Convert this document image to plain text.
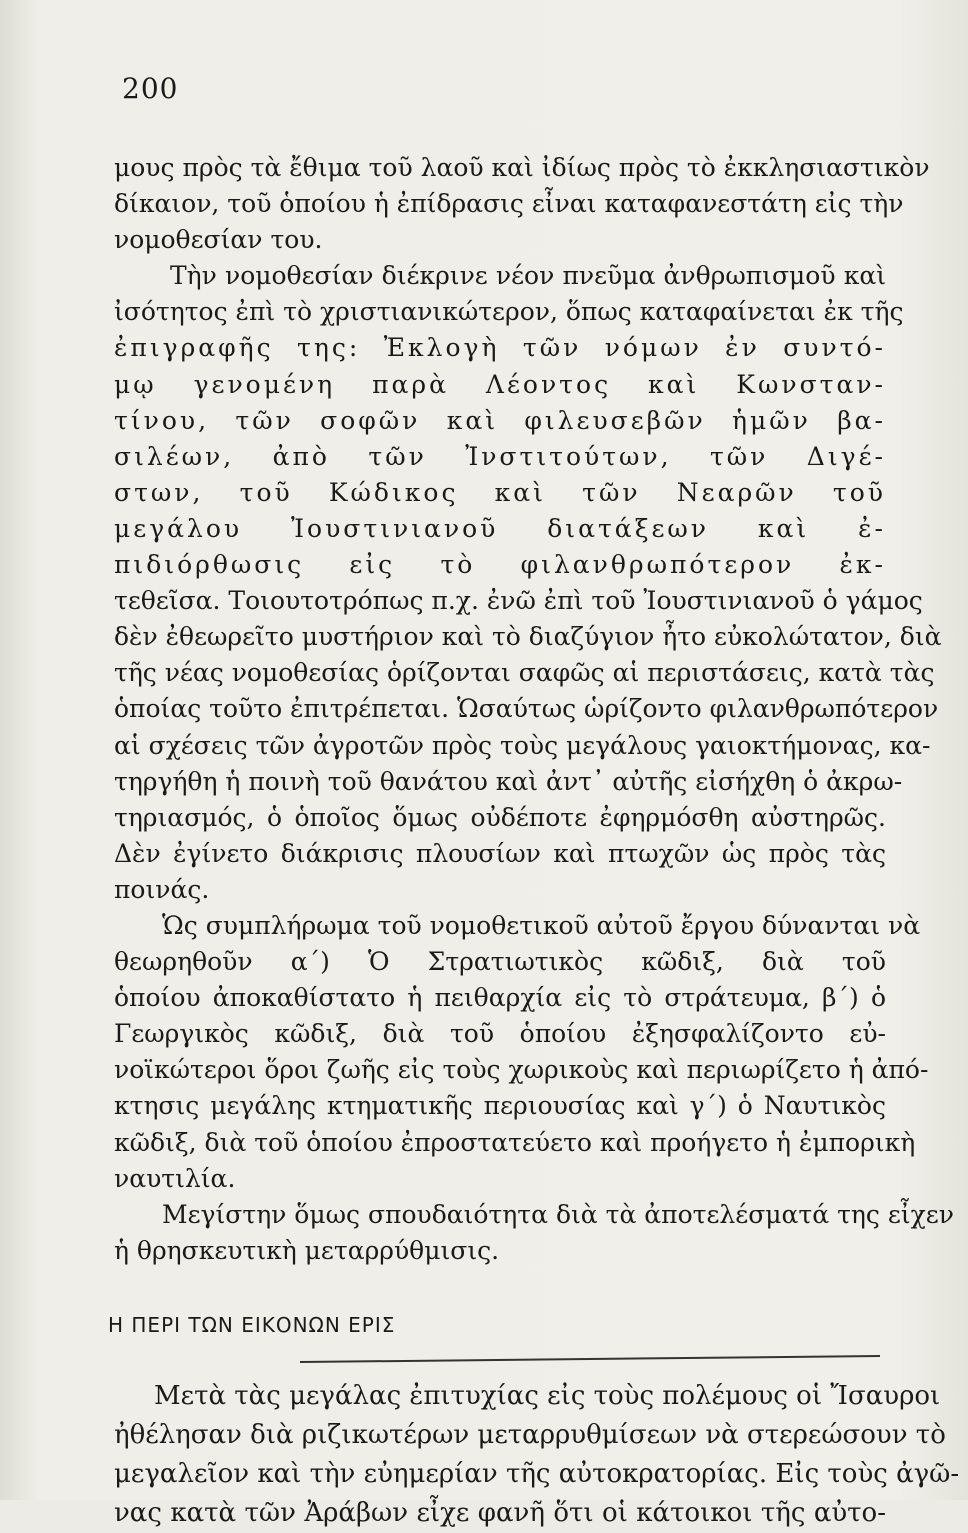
200
μους πρὸς τὰ ἔθιμα τοῦ λαοῦ καὶ ἰδίως πρὸς τὸ ἐκκλησιαστικὸν
δίκαιον, τοῦ ὁποίου ἡ ἐπίδρασις εἶναι καταφανεστάτη εἰς τὴν
νομοθεσίαν του.
Τὴν νομοθεσίαν διέκρινε νέον πνεῦμα ἀνθρωπισμοῦ καὶ
ἰσότητος ἐπὶ τὸ χριστιανικώτερον, ὅπως καταφαίνεται ἐκ τῆς
ἐπιγραφῆς της: Ἐκλογὴ τῶν νόμων ἐν συντό-
μῳ γενομένη παρὰ Λέοντος καὶ Κωνσταν-
τίνου, τῶν σοφῶν καὶ φιλευσεβῶν ἡμῶν βα-
σιλέων, ἀπὸ τῶν Ἰνστιτούτων, τῶν Διγέ-
στων, τοῦ Κώδικος καὶ τῶν Νεαρῶν τοῦ
μεγάλου Ἰουστινιανοῦ διατάξεων καὶ ἐ-
πιδιόρθωσις εἰς τὸ φιλανθρωπότερον ἐκ-
τεθεῖσα. Τοιουτοτρόπως π.χ. ἐνῶ ἐπὶ τοῦ Ἰουστινιανοῦ ὁ γάμος
δὲν ἐθεωρεῖτο μυστήριον καὶ τὸ διαζύγιον ἦτο εὐκολώτατον, διὰ
τῆς νέας νομοθεσίας ὁρίζονται σαφῶς αἱ περιστάσεις, κατὰ τὰς
ὁποίας τοῦτο ἐπιτρέπεται. Ὡσαύτως ὡρίζοντο φιλανθρωπότερον
αἱ σχέσεις τῶν ἀγροτῶν πρὸς τοὺς μεγάλους γαιοκτήμονας, κα-
τηργήθη ἡ ποινὴ τοῦ θανάτου καὶ ἀντ᾿ αὐτῆς εἰσήχθη ὁ ἀκρω-
τηριασμός, ὁ ὁποῖος ὅμως οὐδέποτε ἐφηρμόσθη αὐστηρῶς.
Δὲν ἐγίνετο διάκρισις πλουσίων καὶ πτωχῶν ὡς πρὸς τὰς
ποινάς.
Ὡς συμπλήρωμα τοῦ νομοθετικοῦ αὐτοῦ ἔργου δύνανται νὰ
θεωρηθοῦν α´) Ὁ Στρατιωτικὸς κῶδιξ, διὰ τοῦ
ὁποίου ἀποκαθίστατο ἡ πειθαρχία εἰς τὸ στράτευμα, β´) ὁ
Γεωργικὸς κῶδιξ, διὰ τοῦ ὁποίου ἐξησφαλίζοντο εὐ-
νοϊκώτεροι ὅροι ζωῆς εἰς τοὺς χωρικοὺς καὶ περιωρίζετο ἡ ἀπό-
κτησις μεγάλης κτηματικῆς περιουσίας καὶ γ´) ὁ Ναυτικὸς
κῶδιξ, διὰ τοῦ ὁποίου ἐπροστατεύετο καὶ προήγετο ἡ ἐμπορικὴ
ναυτιλία.
Μεγίστην ὅμως σπουδαιότητα διὰ τὰ ἀποτελέσματά της εἶχεν
ἡ θρησκευτικὴ μεταρρύθμισις.
Η ΠΕΡΙ ΤΩΝ ΕΙΚΟΝΩΝ ΕΡΙΣ
Μετὰ τὰς μεγάλας ἐπιτυχίας εἰς τοὺς πολέμους οἱ Ἴσαυροι
ἠθέλησαν διὰ ριζικωτέρων μεταρρυθμίσεων νὰ στερεώσουν τὸ
μεγαλεῖον καὶ τὴν εὐημερίαν τῆς αὐτοκρατορίας. Εἰς τοὺς ἀγῶ-
νας κατὰ τῶν Ἀράβων εἶχε φανῆ ὅτι οἱ κάτοικοι τῆς αὐτο-
